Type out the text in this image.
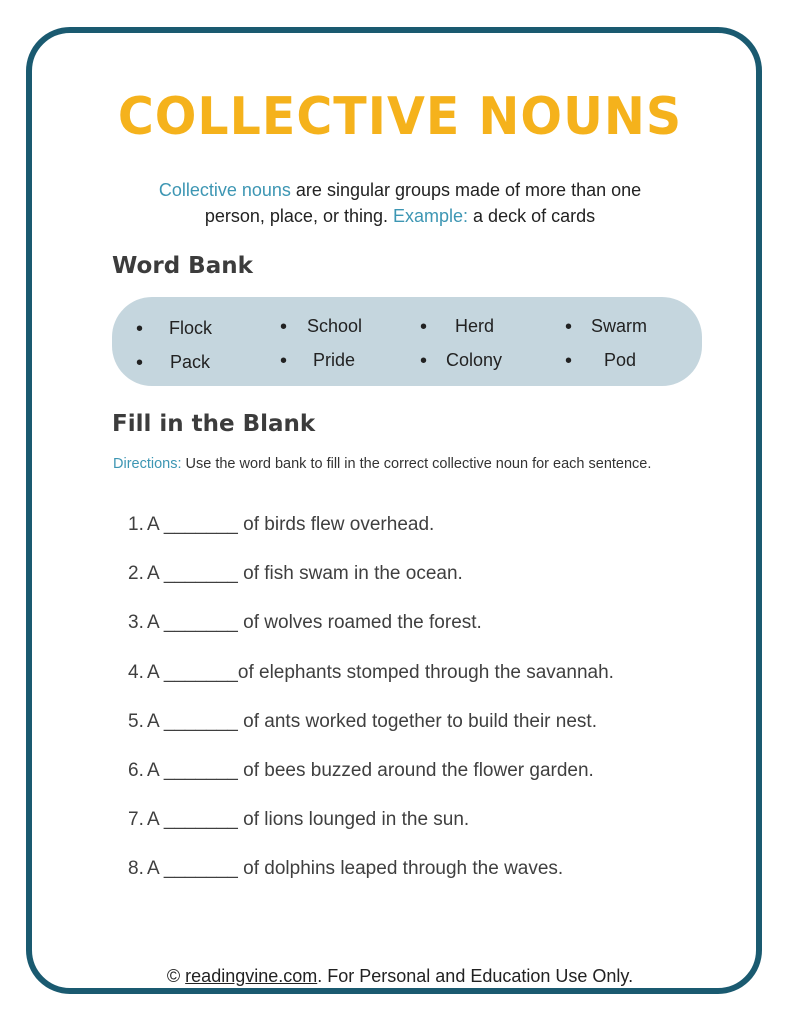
COLLECTIVE NOUNS
Collective nouns are singular groups made of more than one
person, place, or thing. Example: a deck of cards
Word Bank
• Flock	• School	• Herd	• Swarm
• Pack	• Pride	• Colony	• Pod
Fill in the Blank
Directions: Use the word bank to fill in the correct collective noun for each sentence.
1. A _______ of birds flew overhead.
2. A _______ of fish swam in the ocean.
3. A _______ of wolves roamed the forest.
4. A _______of elephants stomped through the savannah.
5. A _______ of ants worked together to build their nest.
6. A _______ of bees buzzed around the flower garden.
7. A _______ of lions lounged in the sun.
8. A _______ of dolphins leaped through the waves.
© readingvine.com. For Personal and Education Use Only.
